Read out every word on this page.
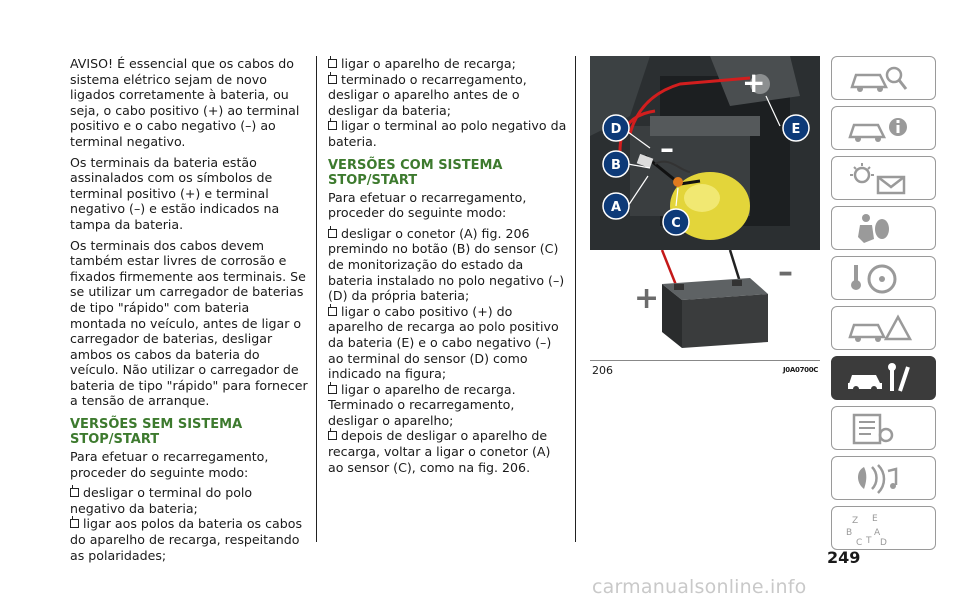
AVISO! É essencial que os cabos do sistema elétrico sejam de novo ligados corretamente à bateria, ou seja, o cabo positivo (+) ao terminal positivo e o cabo negativo (–) ao terminal negativo.

Os terminais da bateria estão assinalados com os símbolos de terminal positivo (+) e terminal negativo (–) e estão indicados na tampa da bateria.

Os terminais dos cabos devem também estar livres de corrosão e fixados firmemente aos terminais. Se se utilizar um carregador de baterias de tipo "rápido" com bateria montada no veículo, antes de ligar o carregador de baterias, desligar ambos os cabos da bateria do veículo. Não utilizar o carregador de bateria de tipo "rápido" para fornecer a tensão de arranque.

VERSÕES SEM SISTEMA STOP/START

Para efetuar o recarregamento, proceder do seguinte modo:

desligar o terminal do polo negativo da bateria;
ligar aos polos da bateria os cabos do aparelho de recarga, respeitando as polaridades;
ligar o aparelho de recarga;
terminado o recarregamento, desligar o aparelho antes de o desligar da bateria;
ligar o terminal ao polo negativo da bateria.
VERSÕES COM SISTEMA STOP/START

Para efetuar o recarregamento, proceder do seguinte modo:

desligar o conetor (A) fig. 206 premindo no botão (B) do sensor (C) de monitorização do estado da bateria instalado no polo negativo (–) (D) da própria bateria;
ligar o cabo positivo (+) do aparelho de recarga ao polo positivo da bateria (E) e o cabo negativo (–) ao terminal do sensor (D) como indicado na figura;
ligar o aparelho de recarga. Terminado o recarregamento, desligar o aparelho;
depois de desligar o aparelho de recarga, voltar a ligar o conetor (A) ao sensor (C), como na fig. 206.
+
–
D	E
B
A
C
+
–
206	J0A0700C
Z E
B A
C T D
249
carmanualsonline.info
